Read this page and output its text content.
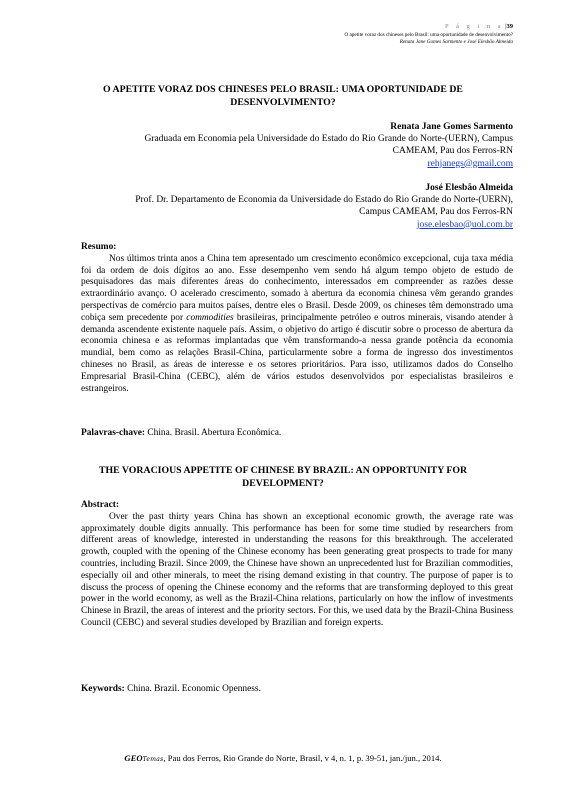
P á g i n a |39
O apetite voraz dos chineses pelo Brasil: uma oportunidade de desenvolvimento?
Renata Jane Gomes Sarmento e José Elesbão Almeida
O APETITE VORAZ DOS CHINESES PELO BRASIL: UMA OPORTUNIDADE DE DESENVOLVIMENTO?
Renata Jane Gomes Sarmento
Graduada em Economia pela Universidade do Estado do Rio Grande do Norte-(UERN), Campus
CAMEAM, Pau dos Ferros-RN
rehjanegs@gmail.com
José Elesbão Almeida
Prof. Dr. Departamento de Economia da Universidade do Estado do Rio Grande do Norte-(UERN),
Campus CAMEAM, Pau dos Ferros-RN
jose.elesbao@uol.com.br
Resumo:

Nos últimos trinta anos a China tem apresentado um crescimento econômico excepcional, cuja taxa média foi da ordem de dois dígitos ao ano. Esse desempenho vem sendo há algum tempo objeto de estudo de pesquisadores das mais diferentes áreas do conhecimento, interessados em compreender as razões desse extraordinário avanço. O acelerado crescimento, somado à abertura da economia chinesa vêm gerando grandes perspectivas de comércio para muitos países, dentre eles o Brasil. Desde 2009, os chineses têm demonstrado uma cobiça sem precedente por commodities brasileiras, principalmente petróleo e outros minerais, visando atender à demanda ascendente existente naquele país. Assim, o objetivo do artigo é discutir sobre o processo de abertura da economia chinesa e as reformas implantadas que vêm transformando-a nessa grande potência da economia mundial, bem como as relações Brasil-China, particularmente sobre a forma de ingresso dos investimentos chineses no Brasil, as áreas de interesse e os setores prioritários. Para isso, utilizamos dados do Conselho Empresarial Brasil-China (CEBC), além de vários estudos desenvolvidos por especialistas brasileiros e estrangeiros.

Palavras-chave: China. Brasil. Abertura Econômica.
THE VORACIOUS APPETITE OF CHINESE BY BRAZIL: AN OPPORTUNITY FOR DEVELOPMENT?
Abstract:

Over the past thirty years China has shown an exceptional economic growth, the average rate was approximately double digits annually. This performance has been for some time studied by researchers from different areas of knowledge, interested in understanding the reasons for this breakthrough. The accelerated growth, coupled with the opening of the Chinese economy has been generating great prospects to trade for many countries, including Brazil. Since 2009, the Chinese have shown an unprecedented lust for Brazilian commodities, especially oil and other minerals, to meet the rising demand existing in that country. The purpose of paper is to discuss the process of opening the Chinese economy and the reforms that are transforming deployed to this great power in the world economy, as well as the Brazil-China relations, particularly on how the inflow of investments Chinese in Brazil, the areas of interest and the priority sectors. For this, we used data by the Brazil-China Business Council (CEBC) and several studies developed by Brazilian and foreign experts.

Keywords: China. Brazil. Economic Openness.
GEOTemas, Pau dos Ferros, Rio Grande do Norte, Brasil, v 4, n. 1, p. 39-51, jan./jun., 2014.
